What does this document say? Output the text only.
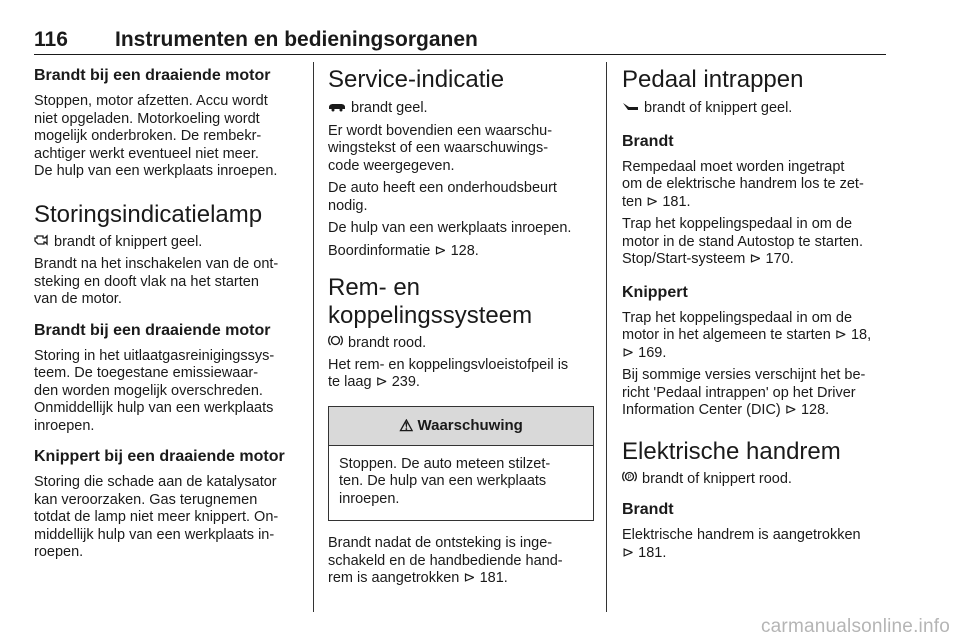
116 Instrumenten en bedieningsorganen
Brandt bij een draaiende motor

Stoppen, motor afzetten. Accu wordt
niet opgeladen. Motorkoeling wordt
mogelijk onderbroken. De rembekr-
achtiger werkt eventueel niet meer.
De hulp van een werkplaats inroepen.

Storingsindicatielamp

brandt of knippert geel.

Brandt na het inschakelen van de ont-
steking en dooft vlak na het starten
van de motor.

Brandt bij een draaiende motor

Storing in het uitlaatgasreinigingssys-
teem. De toegestane emissiewaar-
den worden mogelijk overschreden.
Onmiddellijk hulp van een werkplaats
inroepen.

Knippert bij een draaiende motor

Storing die schade aan de katalysator
kan veroorzaken. Gas terugnemen
totdat de lamp niet meer knippert. On-
middellijk hulp van een werkplaats in-
roepen.

Service-indicatie

brandt geel.

Er wordt bovendien een waarschu-
wingstekst of een waarschuwings-
code weergegeven.

De auto heeft een onderhoudsbeurt
nodig.

De hulp van een werkplaats inroepen.

Boordinformatie ⊳ 128.

Rem- en
koppelingssysteem

brandt rood.

Het rem- en koppelingsvloeistofpeil is
te laag ⊳ 239.

⚠ Waarschuwing

Stoppen. De auto meteen stilzet-
ten. De hulp van een werkplaats
inroepen.

Brandt nadat de ontsteking is inge-
schakeld en de handbediende hand-
rem is aangetrokken ⊳ 181.

Pedaal intrappen

brandt of knippert geel.

Brandt

Rempedaal moet worden ingetrapt
om de elektrische handrem los te zet-
ten ⊳ 181.

Trap het koppelingspedaal in om de
motor in de stand Autostop te starten.
Stop/Start-systeem ⊳ 170.

Knippert

Trap het koppelingspedaal in om de
motor in het algemeen te starten ⊳ 18,
⊳ 169.

Bij sommige versies verschijnt het be-
richt 'Pedaal intrappen' op het Driver
Information Center (DIC) ⊳ 128.

Elektrische handrem

P brandt of knippert rood.

Brandt

Elektrische handrem is aangetrokken
⊳ 181.

carmanualsonline.info
